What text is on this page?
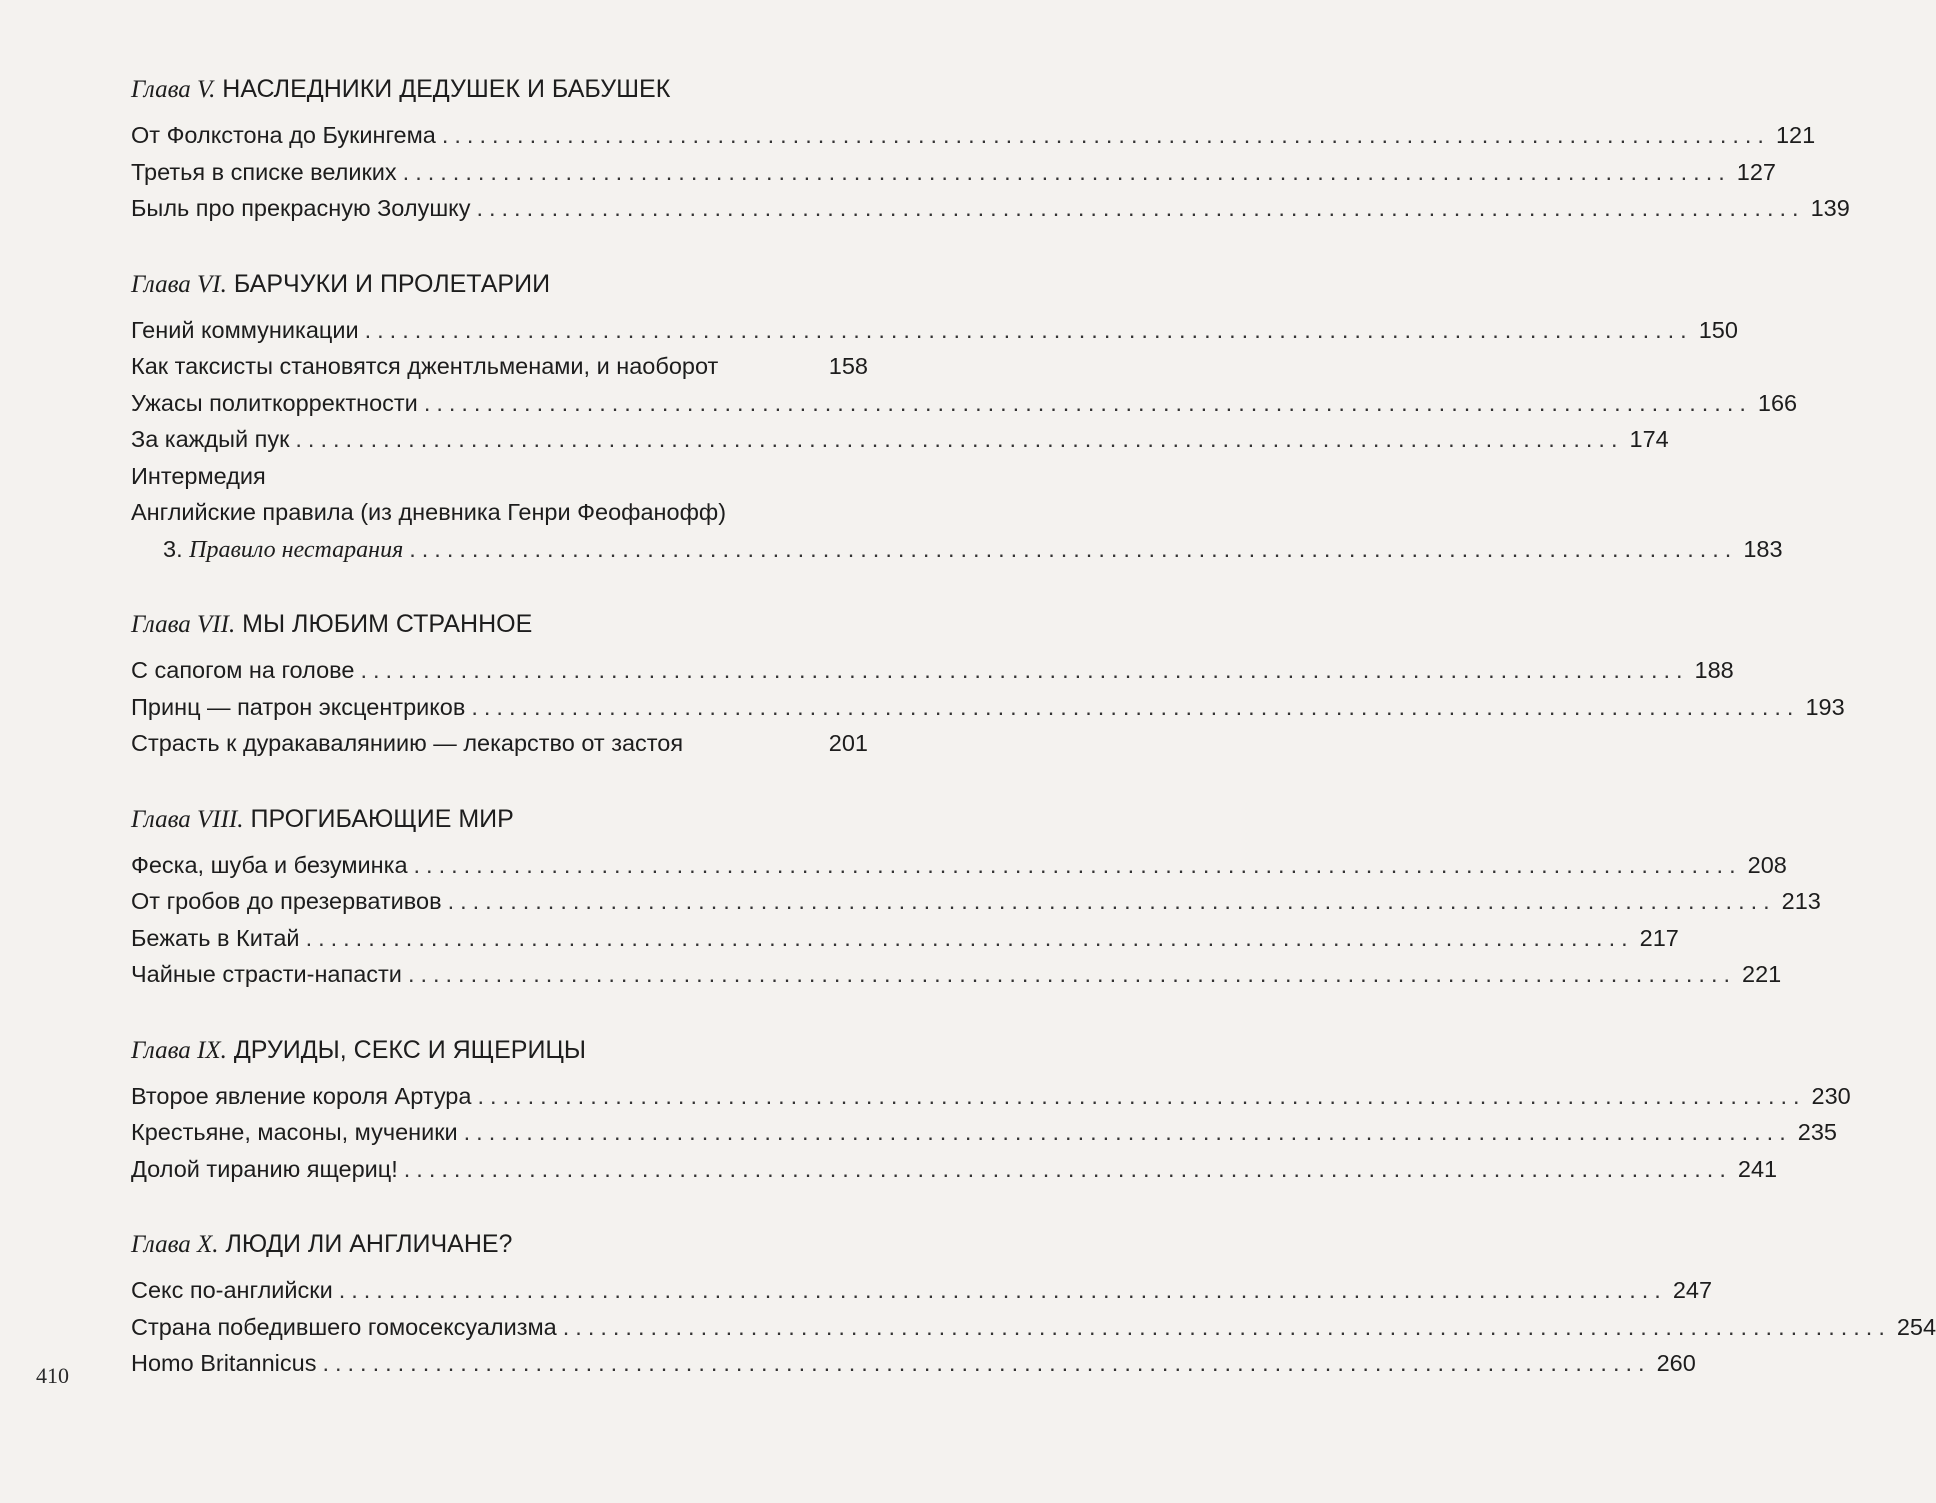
Глава V. НАСЛЕДНИКИ ДЕДУШЕК И БАБУШЕК
От Фолкстона до Букингема .......................................................................................................... 121
Третья в списке великих .......................................................................................................... 127
Быль про прекрасную Золушку .......................................................................................................... 139
Глава VI. БАРЧУКИ И ПРОЛЕТАРИИ
Гений коммуникации .......................................................................................................... 150
Как таксисты становятся джентльменами, и наоборот	158
Ужасы политкорректности .......................................................................................................... 166
За каждый пук .......................................................................................................... 174
Интермедия
Английские правила (из дневника Генри Феофанофф)
3. Правило нестарания .......................................................................................................... 183
Глава VII. МЫ ЛЮБИМ СТРАННОЕ
С сапогом на голове .......................................................................................................... 188
Принц — патрон эксцентриков .......................................................................................................... 193
Страсть к дуракаваляниию — лекарство от застоя	201
Глава VIII. ПРОГИБАЮЩИЕ МИР
Феска, шуба и безуминка .......................................................................................................... 208
От гробов до презервативов .......................................................................................................... 213
Бежать в Китай .......................................................................................................... 217
Чайные страсти-напасти .......................................................................................................... 221
Глава IX. ДРУИДЫ, СЕКС И ЯЩЕРИЦЫ
Второе явление короля Артура .......................................................................................................... 230
Крестьяне, масоны, мученики .......................................................................................................... 235
Долой тиранию ящериц! .......................................................................................................... 241
Глава X. ЛЮДИ ЛИ АНГЛИЧАНЕ?
Секс по-английски .......................................................................................................... 247
Страна победившего гомосексуализма .......................................................................................................... 254
Homo Britannicus .......................................................................................................... 260
410
